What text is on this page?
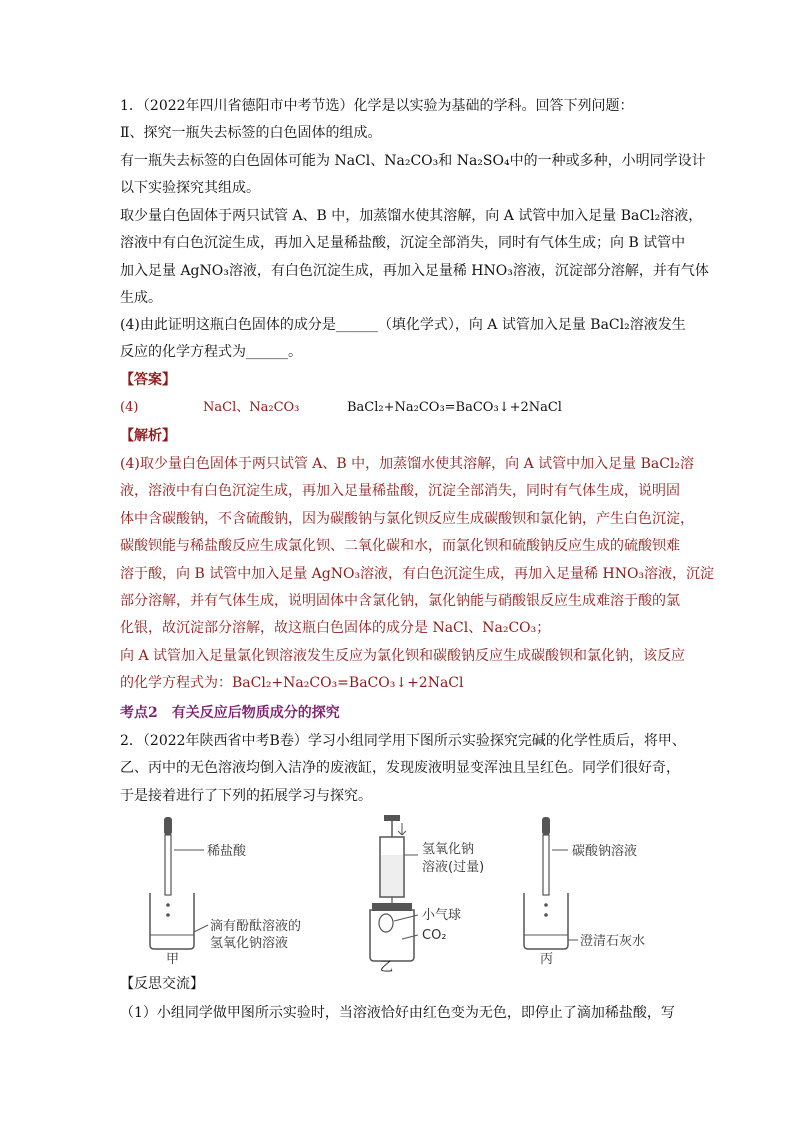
1．（2022年四川省德阳市中考节选）化学是以实验为基础的学科。回答下列问题：
Ⅱ、探究一瓶失去标签的白色固体的组成。
有一瓶失去标签的白色固体可能为 NaCl、Na₂CO₃和 Na₂SO₄中的一种或多种，小明同学设计
以下实验探究其组成。
取少量白色固体于两只试管 A、B 中，加蒸馏水使其溶解，向 A 试管中加入足量 BaCl₂溶液，
溶液中有白色沉淀生成，再加入足量稀盐酸，沉淀全部消失，同时有气体生成；向 B 试管中
加入足量 AgNO₃溶液，有白色沉淀生成，再加入足量稀 HNO₃溶液，沉淀部分溶解，并有气体
生成。
(4)由此证明这瓶白色固体的成分是______（填化学式），向 A 试管加入足量 BaCl₂溶液发生
反应的化学方程式为______。
【答案】
(4)	NaCl、Na₂CO₃	BaCl₂+Na₂CO₃=BaCO₃↓+2NaCl
【解析】
(4)取少量白色固体于两只试管 A、B 中，加蒸馏水使其溶解，向 A 试管中加入足量 BaCl₂溶
液，溶液中有白色沉淀生成，再加入足量稀盐酸，沉淀全部消失，同时有气体生成，说明固
体中含碳酸钠，不含硫酸钠，因为碳酸钠与氯化钡反应生成碳酸钡和氯化钠，产生白色沉淀，
碳酸钡能与稀盐酸反应生成氯化钡、二氧化碳和水，而氯化钡和硫酸钠反应生成的硫酸钡难
溶于酸，向 B 试管中加入足量 AgNO₃溶液，有白色沉淀生成，再加入足量稀 HNO₃溶液，沉淀
部分溶解，并有气体生成，说明固体中含氯化钠，氯化钠能与硝酸银反应生成难溶于酸的氯
化银，故沉淀部分溶解，故这瓶白色固体的成分是 NaCl、Na₂CO₃；
向 A 试管加入足量氯化钡溶液发生反应为氯化钡和碳酸钠反应生成碳酸钡和氯化钠，该反应
的化学方程式为：BaCl₂+Na₂CO₃=BaCO₃↓+2NaCl
考点2　有关反应后物质成分的探究
2．（2022年陕西省中考B卷）学习小组同学用下图所示实验探究完碱的化学性质后，将甲、
乙、丙中的无色溶液均倒入洁净的废液缸，发现废液明显变浑浊且呈红色。同学们很好奇，
于是接着进行了下列的拓展学习与探究。
稀盐酸
滴有酚酞溶液的
氢氧化钠溶液
甲
氢氧化钠
溶液(过量)
小气球
CO₂
碳酸钠溶液
澄清石灰水
丙
乙
【反思交流】
（1）小组同学做甲图所示实验时，当溶液恰好由红色变为无色，即停止了滴加稀盐酸，写
